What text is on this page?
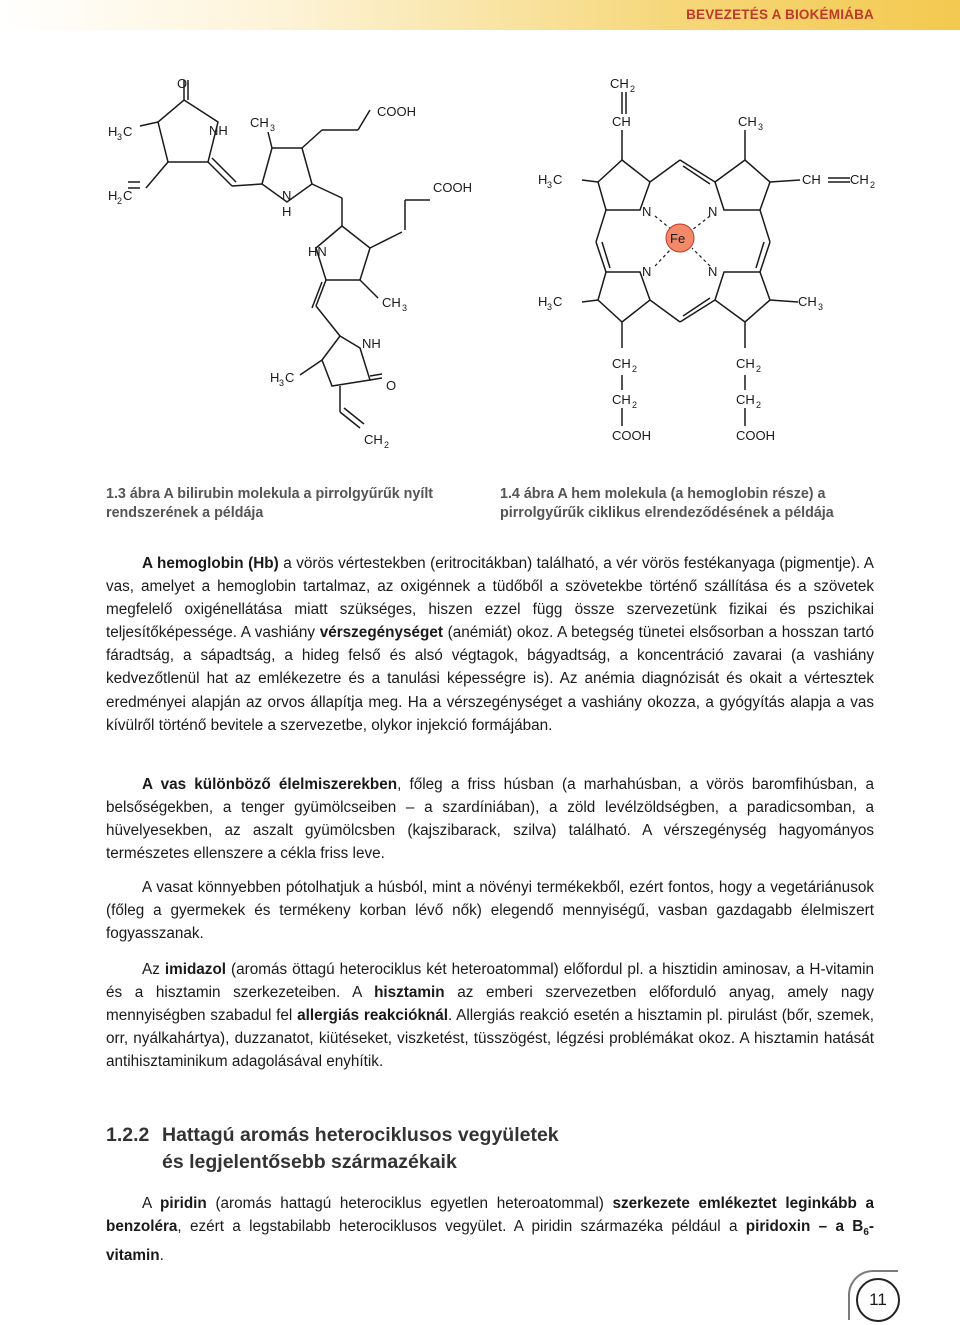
BEVEZETÉS A BIOKÉMIÁBA
O
NH
CH 3
COOH
COOH
H 3 C
H 2 C	N
H
HN
CH 3
NH
H 3 C
O
CH 2
CH 2
CH	CH 3
H 3 C	CH CH 2
N	N
Fe
N	N
H 3 C	CH 3
CH 2	CH 2
CH 2	CH 2
COOH	COOH
1.3 ábra A bilirubin molekula a pirrolgyűrűk nyílt rendszerének a példája
1.4 ábra A hem molekula (a hemoglobin része) a pirrolgyűrűk ciklikus elrendeződésének a példája

A hemoglobin (Hb) a vörös vértestekben (eritrocitákban) található, a vér vörös festékanyaga (pigmentje). A vas, amelyet a hemoglobin tartalmaz, az oxigénnek a tüdőből a szövetekbe történő szállítása és a szövetek megfelelő oxigénellátása miatt szükséges, hiszen ezzel függ össze szervezetünk fizikai és pszichikai teljesítőképessége. A vashiány vérszegénységet (anémiát) okoz. A betegség tünetei elsősorban a hosszan tartó fáradtság, a sápadtság, a hideg felső és alsó végtagok, bágyadtság, a koncentráció zavarai (a vashiány kedvezőtlenül hat az emlékezetre és a tanulási képességre is). Az anémia diagnózisát és okait a vértesztek eredményei alapján az orvos állapítja meg. Ha a vérszegénységet a vashiány okozza, a gyógyítás alapja a vas kívülről történő bevitele a szervezetbe, olykor injekció formájában.

A vas különböző élelmiszerekben, főleg a friss húsban (a marhahúsban, a vörös baromfihúsban, a belsőségekben, a tenger gyümölcseiben – a szardíniában), a zöld levélzöldségben, a paradicsomban, a hüvelyesekben, az aszalt gyümölcsben (kajszibarack, szilva) található. A vérszegénység hagyományos természetes ellenszere a cékla friss leve.

A vasat könnyebben pótolhatjuk a húsból, mint a növényi termékekből, ezért fontos, hogy a vegetáriánusok (főleg a gyermekek és termékeny korban lévő nők) elegendő mennyiségű, vasban gazdagabb élelmiszert fogyasszanak.

Az imidazol (aromás öttagú heterociklus két heteroatommal) előfordul pl. a hisztidin aminosav, a H-vitamin és a hisztamin szerkezeteiben. A hisztamin az emberi szervezetben előforduló anyag, amely nagy mennyiségben szabadul fel allergiás reakcióknál. Allergiás reakció esetén a hisztamin pl. pirulást (bőr, szemek, orr, nyálkahártya), duzzanatot, kiütéseket, viszketést, tüsszögést, légzési problémákat okoz. A hisztamin hatását antihisztaminikum adagolásával enyhítik.

1.2.2 Hattagú aromás heterociklusos vegyületek
és legjelentősebb származékaik

A piridin (aromás hattagú heterociklus egyetlen heteroatommal) szerkezete emlékeztet leginkább a benzoléra, ezért a legstabilabb heterociklusos vegyület. A piridin származéka például a piridoxin – a $B_6$-vitamin.

11
